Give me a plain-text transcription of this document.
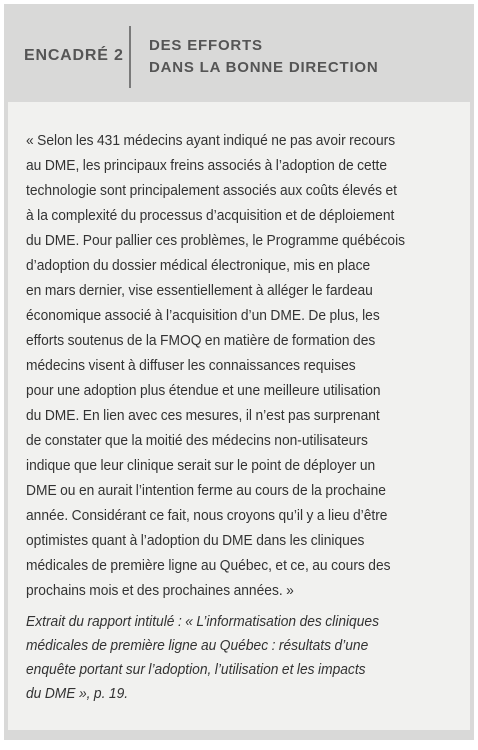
ENCADRÉ 2
DES EFFORTS
DANS LA BONNE DIRECTION
« Selon les 431 médecins ayant indiqué ne pas avoir recours
au DME, les principaux freins associés à l’adoption de cette
technologie sont principalement associés aux coûts élevés et
à la complexité du processus d’acquisition et de déploiement
du DME. Pour pallier ces problèmes, le Programme québécois
d’adoption du dossier médical électronique, mis en place
en mars dernier, vise essentiellement à alléger le fardeau
économique associé à l’acquisition d’un DME. De plus, les
efforts soutenus de la FMOQ en matière de formation des
médecins visent à diffuser les connaissances requises
pour une adoption plus étendue et une meilleure utilisation
du DME. En lien avec ces mesures, il n’est pas surprenant
de constater que la moitié des médecins non-utilisateurs
indique que leur clinique serait sur le point de déployer un
DME ou en aurait l’intention ferme au cours de la prochaine
année. Considérant ce fait, nous croyons qu’il y a lieu d’être
optimistes quant à l’adoption du DME dans les cliniques
médicales de première ligne au Québec, et ce, au cours des
prochains mois et des prochaines années. »
Extrait du rapport intitulé : « L’informatisation des cliniques
médicales de première ligne au Québec : résultats d’une
enquête portant sur l’adoption, l’utilisation et les impacts
du DME », p. 19.
